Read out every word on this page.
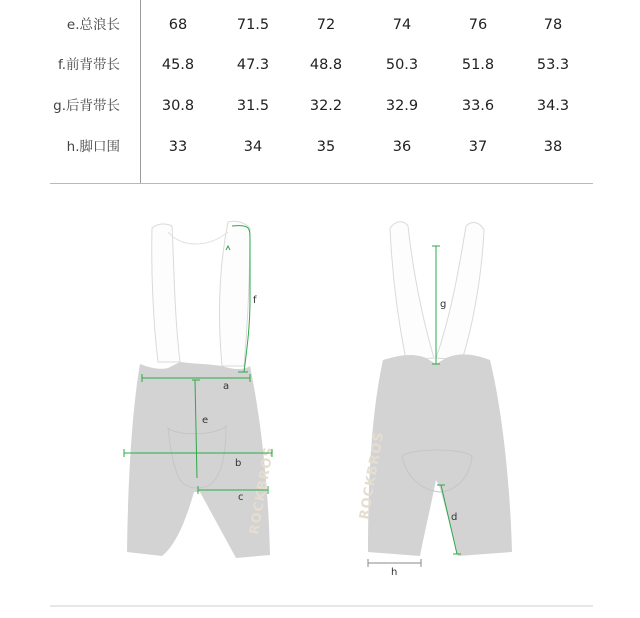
e.总浪长	68	71.5	72	74	76	78
f.前背带长	45.8	47.3	48.8	50.3	51.8	53.3
g.后背带长	30.8	31.5	32.2	32.9	33.6	34.3
h.脚口围	33	34	35	36	37	38
ROCKBROS	ROCKBROS
f
a
e
b
c
g
d
h
